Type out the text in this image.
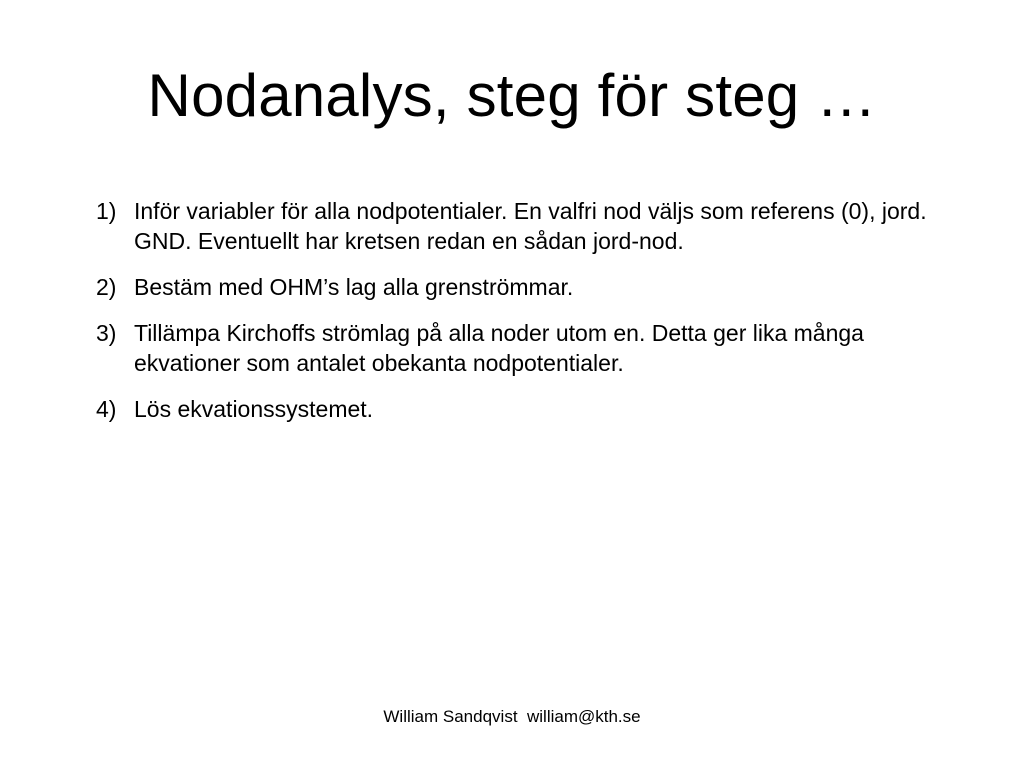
Nodanalys, steg för steg …
1) Inför variabler för alla nodpotentialer. En valfri nod väljs som referens (0), jord. GND. Eventuellt har kretsen redan en sådan jord-nod.
2) Bestäm med OHM’s lag alla grenströmmar.
3) Tillämpa Kirchoffs strömlag på alla noder utom en. Detta ger lika många ekvationer som antalet obekanta nodpotentialer.
4) Lös ekvationssystemet.
William Sandqvist  william@kth.se
